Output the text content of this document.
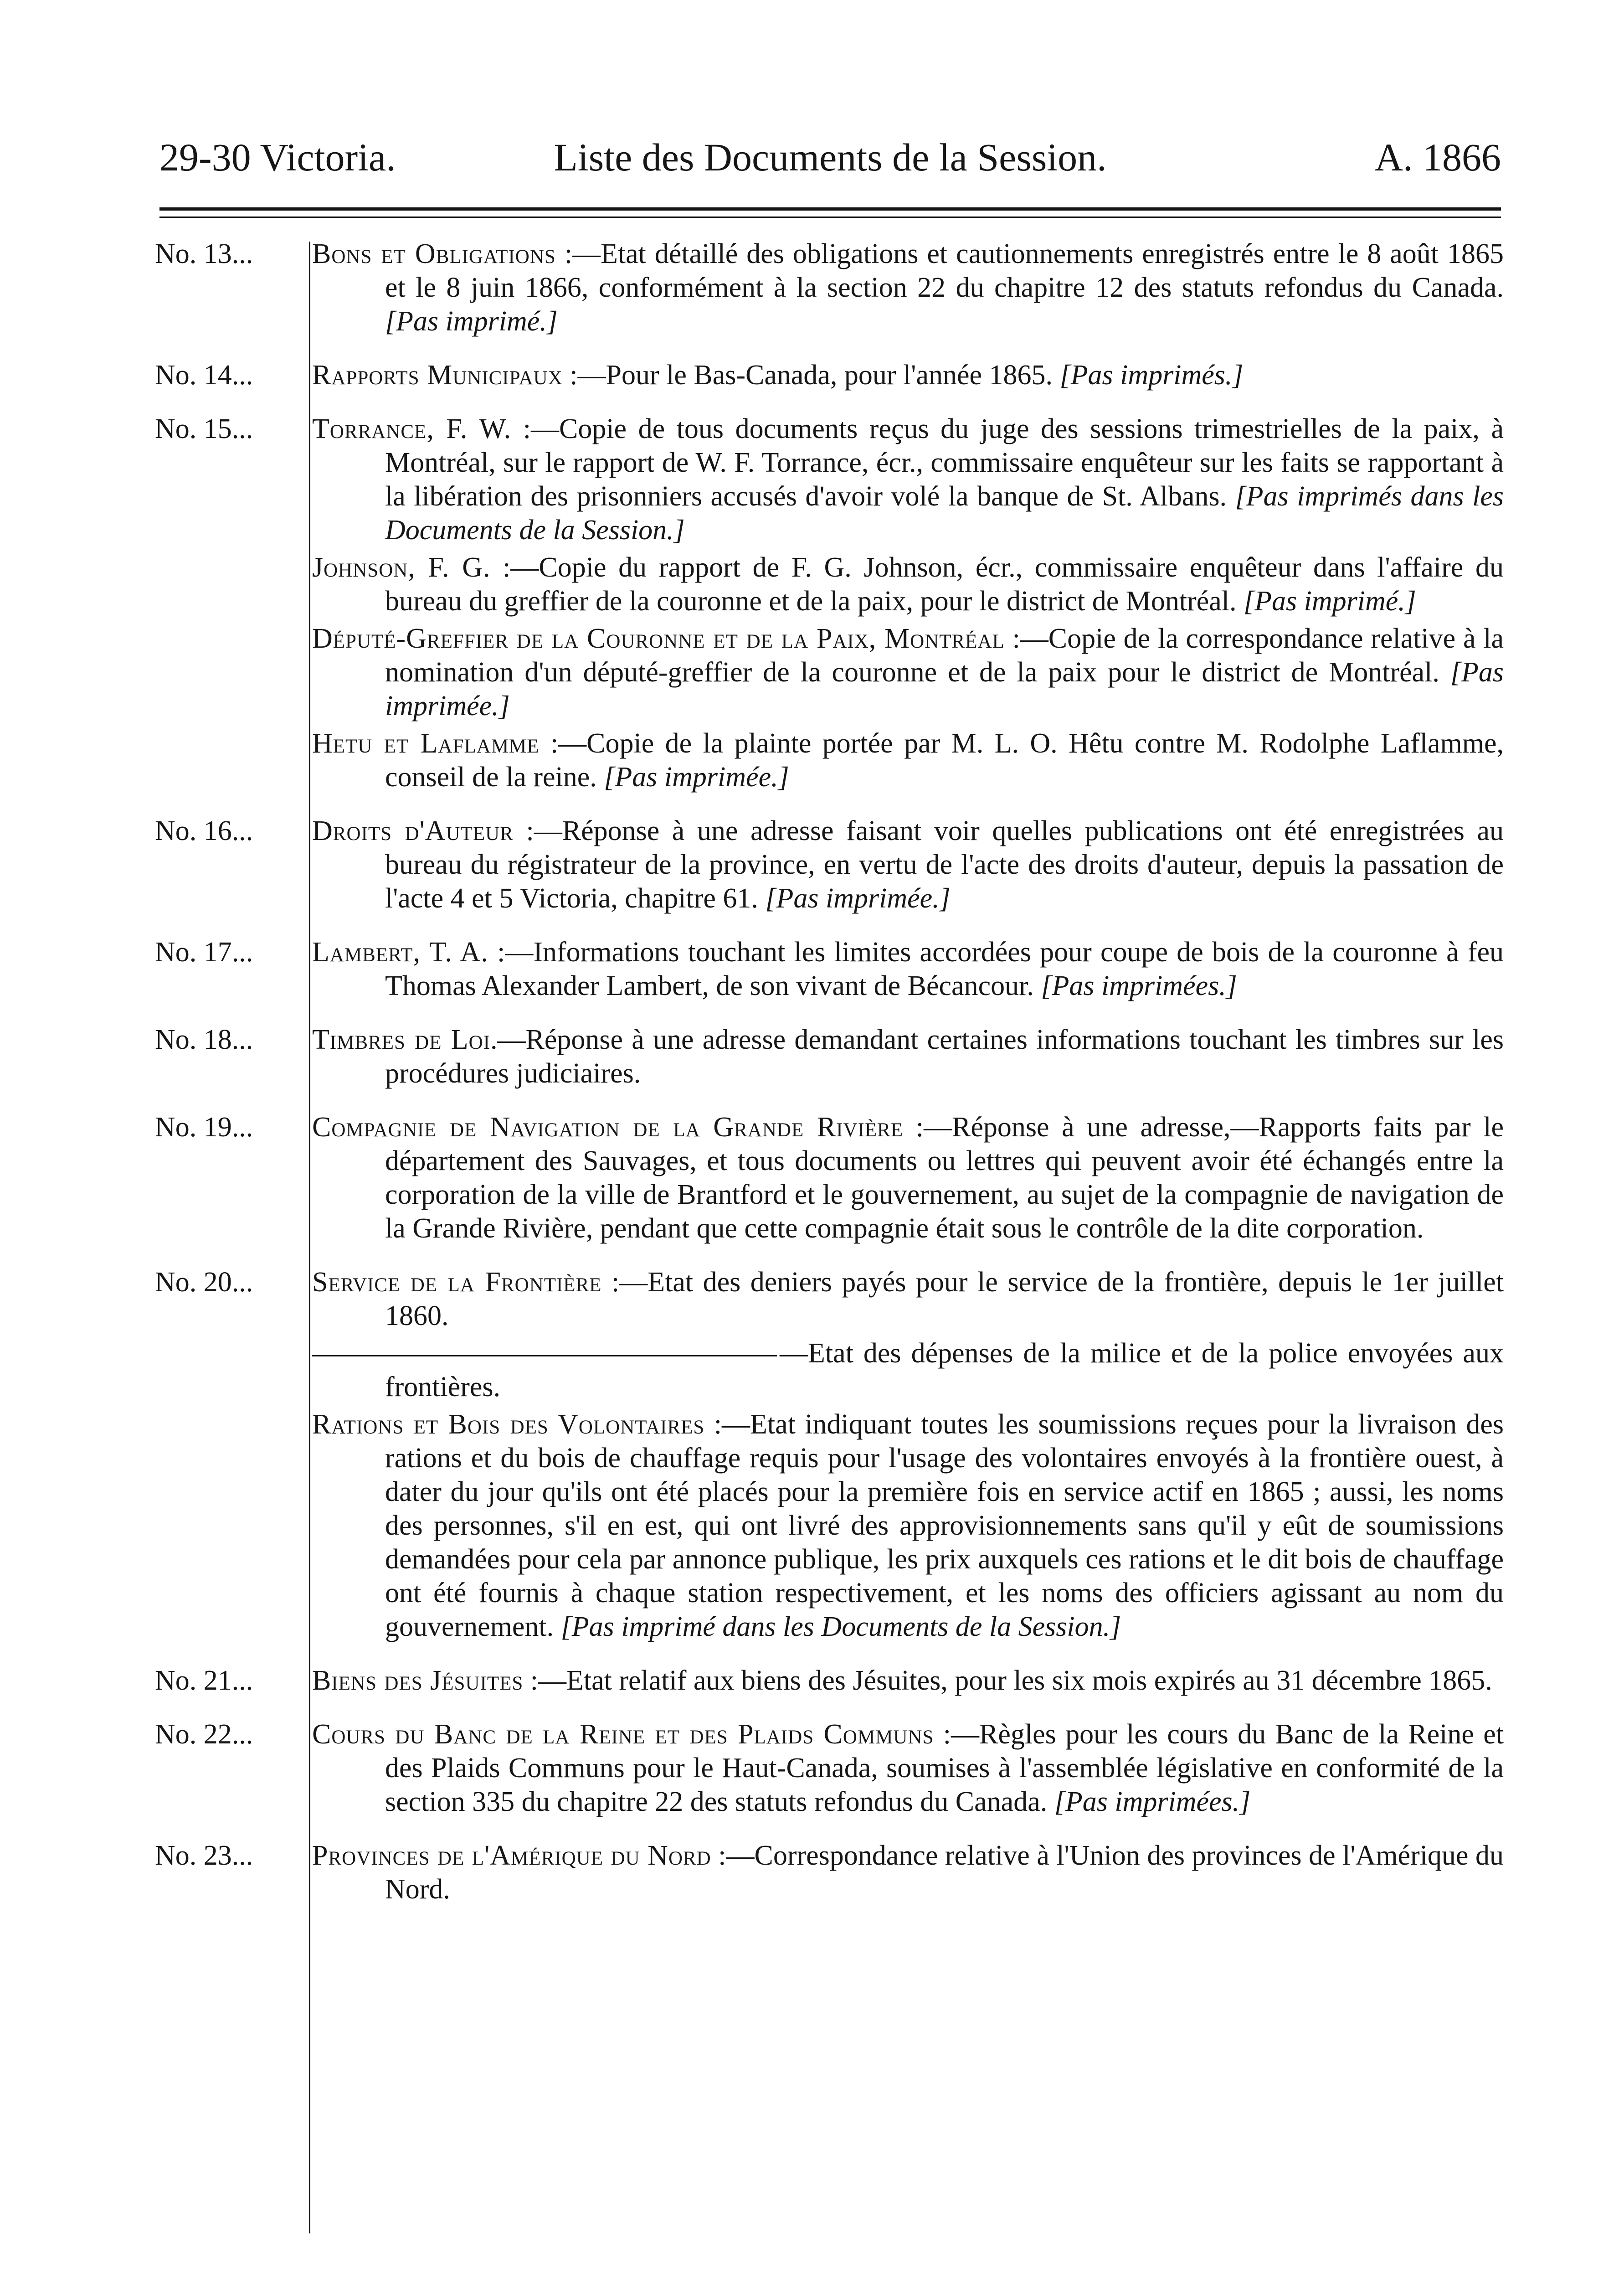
29-30 Victoria.	Liste des Documents de la Session.	A. 1866
No. 13...	Bons et Obligations :—Etat détaillé des obligations et cautionnements enregistrés entre le 8 août 1865 et le 8 juin 1866, conformément à la section 22 du chapitre 12 des statuts refondus du Canada. [Pas imprimé.]
No. 14...	Rapports Municipaux :—Pour le Bas-Canada, pour l'année 1865. [Pas imprimés.]
No. 15...	Torrance, F. W. :—Copie de tous documents reçus du juge des sessions trimestrielles de la paix, à Montréal, sur le rapport de W. F. Torrance, écr., commissaire enquêteur sur les faits se rapportant à la libération des prisonniers accusés d'avoir volé la banque de St. Albans. [Pas imprimés dans les Documents de la Session.]
Johnson, F. G. :—Copie du rapport de F. G. Johnson, écr., commissaire enquêteur dans l'affaire du bureau du greffier de la couronne et de la paix, pour le district de Montréal. [Pas imprimé.]
Député-Greffier de la Couronne et de la Paix, Montréal :—Copie de la correspondance relative à la nomination d'un député-greffier de la couronne et de la paix pour le district de Montréal. [Pas imprimée.]
Hetu et Laflamme :—Copie de la plainte portée par M. L. O. Hêtu contre M. Rodolphe Laflamme, conseil de la reine. [Pas imprimée.]
No. 16...	Droits d'Auteur :—Réponse à une adresse faisant voir quelles publications ont été enregistrées au bureau du régistrateur de la province, en vertu de l'acte des droits d'auteur, depuis la passation de l'acte 4 et 5 Victoria, chapitre 61. [Pas imprimée.]
No. 17...	Lambert, T. A. :—Informations touchant les limites accordées pour coupe de bois de la couronne à feu Thomas Alexander Lambert, de son vivant de Bécancour. [Pas imprimées.]
No. 18...	Timbres de Loi.—Réponse à une adresse demandant certaines informations touchant les timbres sur les procédures judiciaires.
No. 19...	Compagnie de Navigation de la Grande Rivière :—Réponse à une adresse,—Rapports faits par le département des Sauvages, et tous documents ou lettres qui peuvent avoir été échangés entre la corporation de la ville de Brantford et le gouvernement, au sujet de la compagnie de navigation de la Grande Rivière, pendant que cette compagnie était sous le contrôle de la dite corporation.
No. 20...	Service de la Frontière :—Etat des deniers payés pour le service de la frontière, depuis le 1er juillet 1860.
—Etat des dépenses de la milice et de la police envoyées aux frontières.
Rations et Bois des Volontaires :—Etat indiquant toutes les soumissions reçues pour la livraison des rations et du bois de chauffage requis pour l'usage des volontaires envoyés à la frontière ouest, à dater du jour qu'ils ont été placés pour la première fois en service actif en 1865 ; aussi, les noms des personnes, s'il en est, qui ont livré des approvisionnements sans qu'il y eût de soumissions demandées pour cela par annonce publique, les prix auxquels ces rations et le dit bois de chauffage ont été fournis à chaque station respectivement, et les noms des officiers agissant au nom du gouvernement. [Pas imprimé dans les Documents de la Session.]
No. 21...	Biens des Jésuites :—Etat relatif aux biens des Jésuites, pour les six mois expirés au 31 décembre 1865.
No. 22...	Cours du Banc de la Reine et des Plaids Communs :—Règles pour les cours du Banc de la Reine et des Plaids Communs pour le Haut-Canada, soumises à l'assemblée législative en conformité de la section 335 du chapitre 22 des statuts refondus du Canada. [Pas imprimées.]
No. 23...	Provinces de l'Amérique du Nord :—Correspondance relative à l'Union des provinces de l'Amérique du Nord.
